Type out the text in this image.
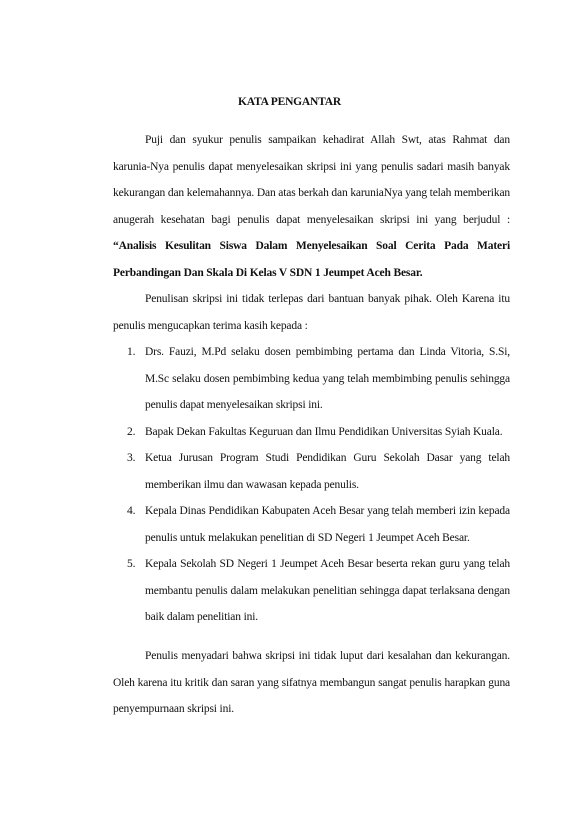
KATA PENGANTAR

Puji dan syukur penulis sampaikan kehadirat Allah Swt, atas Rahmat dan karunia-Nya penulis dapat menyelesaikan skripsi ini yang penulis sadari masih banyak kekurangan dan kelemahannya. Dan atas berkah dan karuniaNya yang telah memberikan anugerah kesehatan bagi penulis dapat menyelesaikan skripsi ini yang berjudul : “Analisis Kesulitan Siswa Dalam Menyelesaikan Soal Cerita Pada Materi Perbandingan Dan Skala Di Kelas V SDN 1 Jeumpet Aceh Besar.

Penulisan skripsi ini tidak terlepas dari bantuan banyak pihak. Oleh Karena itu penulis mengucapkan terima kasih kepada :

1. Drs. Fauzi, M.Pd selaku dosen pembimbing pertama dan Linda Vitoria, S.Si, M.Sc selaku dosen pembimbing kedua yang telah membimbing penulis sehingga penulis dapat menyelesaikan skripsi ini.
2. Bapak Dekan Fakultas Keguruan dan Ilmu Pendidikan Universitas Syiah Kuala.
3. Ketua Jurusan Program Studi Pendidikan Guru Sekolah Dasar yang telah memberikan ilmu dan wawasan kepada penulis.
4. Kepala Dinas Pendidikan Kabupaten Aceh Besar yang telah memberi izin kepada penulis untuk melakukan penelitian di SD Negeri 1 Jeumpet Aceh Besar.
5. Kepala Sekolah SD Negeri 1 Jeumpet Aceh Besar beserta rekan guru yang telah membantu penulis dalam melakukan penelitian sehingga dapat terlaksana dengan baik dalam penelitian ini.

Penulis menyadari bahwa skripsi ini tidak luput dari kesalahan dan kekurangan. Oleh karena itu kritik dan saran yang sifatnya membangun sangat penulis harapkan guna penyempurnaan skripsi ini.
